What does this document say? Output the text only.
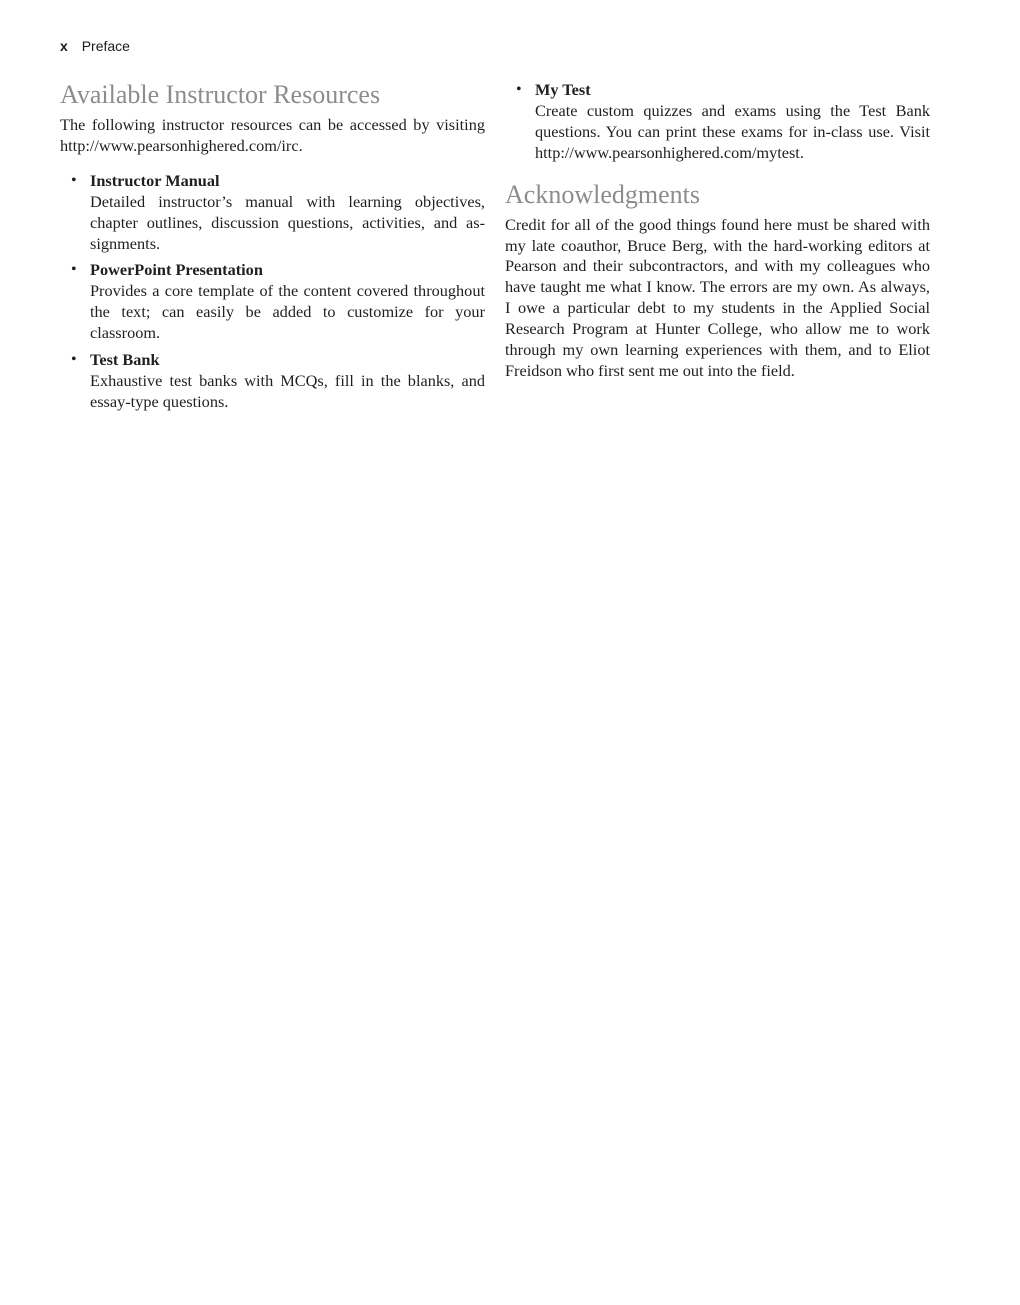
x Preface
Available Instructor Resources

The following instructor resources can be accessed by visiting http://www.pearsonhighered.com/irc.

• Instructor Manual
Detailed instructor’s manual with learning objectives, chapter outlines, discussion questions, activities, and assignments.
• PowerPoint Presentation
Provides a core template of the content covered throughout the text; can easily be added to customize for your classroom.
• Test Bank
Exhaustive test banks with MCQs, fill in the blanks, and essay-type questions.
• My Test
Create custom quizzes and exams using the Test Bank questions. You can print these exams for in-class use. Visit http://www.pearsonhighered.com/mytest.
Acknowledgments

Credit for all of the good things found here must be shared with my late coauthor, Bruce Berg, with the hard-working editors at Pearson and their subcontractors, and with my colleagues who have taught me what I know. The errors are my own. As always, I owe a particular debt to my students in the Applied Social Research Program at Hunter College, who allow me to work through my own learning experiences with them, and to Eliot Freidson who first sent me out into the field.
